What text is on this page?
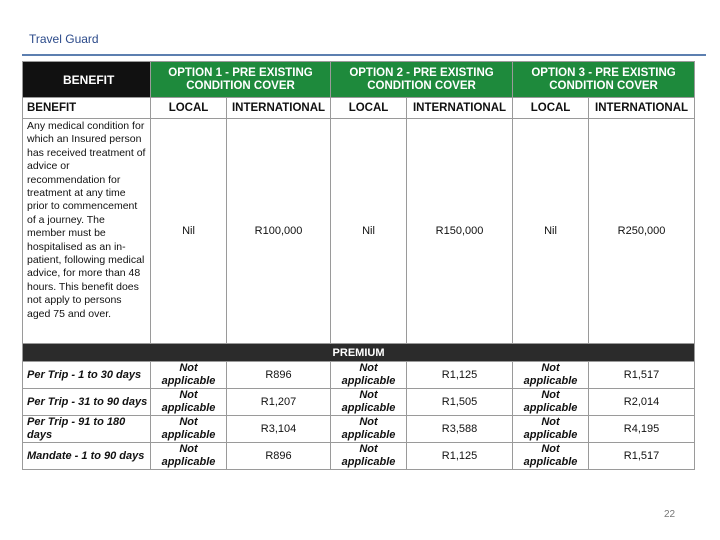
Travel Guard
BENEFIT	OPTION 1 - PRE EXISTING CONDITION COVER		OPTION 2 - PRE EXISTING CONDITION COVER		OPTION 3 - PRE EXISTING CONDITION COVER	
BENEFIT	LOCAL	INTERNATIONAL	LOCAL	INTERNATIONAL	LOCAL	INTERNATIONAL
Any medical condition for which an Insured person has received treatment of advice or recommendation for treatment at any time prior to commencement of a journey. The member must be hospitalised as an in-patient, following medical advice, for more than 48 hours. This benefit does not apply to persons aged 75 and over.	Nil	R100,000	Nil	R150,000	Nil	R250,000
PREMIUM						
Per Trip - 1 to 30 days	Not applicable	R896	Not applicable	R1,125	Not applicable	R1,517
Per Trip - 31 to 90 days	Not applicable	R1,207	Not applicable	R1,505	Not applicable	R2,014
Per Trip - 91 to 180 days	Not applicable	R3,104	Not applicable	R3,588	Not applicable	R4,195
Mandate - 1 to 90 days	Not applicable	R896	Not applicable	R1,125	Not applicable	R1,517
22
